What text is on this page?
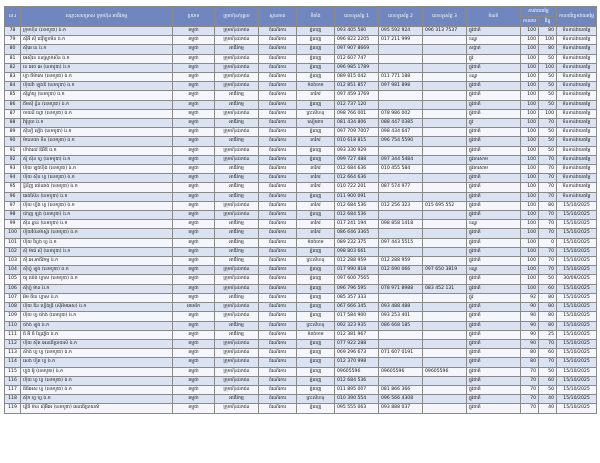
ល.រ	ឈ្មោះសហគ្រាស ក្រុមហ៊ុន អាជីវកម្ម	ប្រភេទ	ក្រុមហ៊ុន/បុគ្គល	ស្ថានភាព	ទីតាំង	លេខទូរស័ព្ទ 1	លេខទូរស័ព្ទ 2	លេខទូរស័ព្ទ 3	ចំណាំ	ការវាយតម្លៃ		កាលបរិច្ឆេទវាយតម្លៃ
										ភាគរយ	ពិន្ទុ	
78	ក្រុមហ៊ុន (ខេមបូឌា) ឯ.ក	គម្ពុជា	ក្រុមហ៊ុនឯកជន	ដំណើរការ	ភ្នំពេញ	093 405 580	095 592 924	096 313 7537	ផ្លូវជាតិ	100	80	មិនទាន់វាយតម្លៃ
79	ស៊ីអ៊ី ស៊ី ដេវ៉ិឡុបមិន ឯ.ក	គម្ពុជា	ក្រុមហ៊ុនឯកជន	ដំណើរការ	ភ្នំពេញ	096 822 2205	017 211 999		ខណ្ឌ	100	100	មិនទាន់វាយតម្លៃ
80	ស៊ីអេ ខេ ឯ.ក	គម្ពុជា	អាជីវកម្ម	ដំណើរការ	ភ្នំពេញ	097 907 8669			សង្កាត់	100	80	មិនទាន់វាយតម្លៃ
81	អេស៊ីខេ ខនស្ត្រាក់សិន ឯ.ក	គម្ពុជា	ក្រុមហ៊ុនឯកជន	ដំណើរការ	ភ្នំពេញ	012 607 747			ផ្លូវ	100	50	មិនទាន់វាយតម្លៃ
82	ខេ អេច អេ (ខេមបូឌា) ឯ.ក	គម្ពុជា	ក្រុមហ៊ុនឯកជន	ដំណើរការ	ភ្នំពេញ	096 985 1789			ផ្លូវជាតិ	100	100	មិនទាន់វាយតម្លៃ
83	ហ្វា ធីម៉ាសេ (ខេមបូឌា) ឯ.ក	គម្ពុជា	ក្រុមហ៊ុនឯកជន	ដំណើរការ	ភ្នំពេញ	089 815 042	011 771 188		ខណ្ឌ	100	50	មិនទាន់វាយតម្លៃ
84	ហ៊ុយវ៉ា ឡុងឌី (ខេមបូឌា) ឯ.ក	គម្ពុជា	ក្រុមហ៊ុនឯកជន	ដំណើរការ	កំពង់ចាម	012 851 857	097 981 898		ផ្លូវជាតិ	100	50	មិនទាន់វាយតម្លៃ
85	ស៊ីឆ្វាំយូ (ខេមបូឌា) ឯ.ក	គម្ពុជា	អាជីវកម្ម	ដំណើរការ	តាកែវ	097 459 3769			ផ្លូវជាតិ	100	50	មិនទាន់វាយតម្លៃ
86	ជីមស៊ី ខ្វឹន (ខេមបូឌា) ឯ.ក	គម្ពុជា	អាជីវកម្ម	ដំណើរការ	ភ្នំពេញ	012 737 120			ផ្លូវជាតិ	100	50	មិនទាន់វាយតម្លៃ
87	ចាយនី ហ្គោ (ខេមបូឌា) ឯ.ក	គម្ពុជា	ក្រុមហ៊ុនឯកជន	ដំណើរការ	ព្រះសីហនុ	098 766 001	078 986 002		ផ្លូវជាតិ	100	100	មិនទាន់វាយតម្លៃ
88	វ៉ារ៉ូបូធា ឯ.ក	គម្ពុជា	អាជីវកម្ម	ដំណើរការ	សៀមរាប	081 434 806	088 447 0385		ផ្លូវ	100	70	មិនទាន់វាយតម្លៃ
89	ស៊ីទៀ ឡើង (ខេមបូឌា) ឯ.ក	គម្ពុជា	ក្រុមហ៊ុនឯកជន	ដំណើរការ	ភ្នំពេញ	097 709 7007	098 434 647		ផ្លូវជាតិ	100	50	មិនទាន់វាយតម្លៃ
90	ម៉ាលេយា ទីន (ខេមបូឌា) ឯ.ក	គម្ពុជា	អាជីវកម្ម	ដំណើរការ	តាកែវ	010 618 815	096 754 5590		ផ្លូវជាតិ	100	50	មិនទាន់វាយតម្លៃ
91	ហ៊ាងដេវ ឌីអ៊ីឌី ឯ.ក	គម្ពុជា	ក្រុមហ៊ុនឯកជន	ដំណើរការ	ភ្នំពេញ	093 330 929			ផ្លូវជាតិ	100	50	មិនទាន់វាយតម្លៃ
92	ស៊ូ ស៊ុន ហ្វ (ខេមបូឌា) ឯ.ក	គម្ពុជា	ក្រុមហ៊ុនឯកជន	ដំណើរការ	ភ្នំពេញ	099 727 488	097 344 5484		ផ្លូវតាសោម	100	70	មិនទាន់វាយតម្លៃ
93	ហ៊ុយ ឡុងហ៊ុង (ខេមបូឌា) ឯ.ក	គម្ពុជា	អាជីវកម្ម	ដំណើរការ	តាកែវ	012 684 636	010 455 584		ផ្លូវតាសោម	100	70	មិនទាន់វាយតម្លៃ
94	ហ៊ុយ ស៊ីន ហ្វ (ខេមបូឌា) ឯ.ក	គម្ពុជា	អាជីវកម្ម	ដំណើរការ	តាកែវ	012 664 636			ផ្លូវជាតិ	100	70	មិនទាន់វាយតម្លៃ
95	ខ្វិនីញ យ៉េនឆង (ខេមបូឌា) ឯ.ក	គម្ពុជា	អាជីវកម្ម	ដំណើរការ	តាកែវ	010 722 201	087 574 977		ផ្លូវជាតិ	100	70	មិនទាន់វាយតម្លៃ
96	ឆេងស៊ែន (ខេមបូឌា) ឯ.ក	គម្ពុជា	អាជីវកម្ម	ដំណើរការ	ភ្នំពេញ	011 900 091			ផ្លូវជាតិ	100	70	មិនទាន់វាយតម្លៃ
97	ហ៊ុយ ហ្វីង ហ្វ (ខេមបូឌា) ឯ.ក	គម្ពុជា	ក្រុមហ៊ុនឯកជន	ដំណើរការ	តាកែវ	012 684 536	012 256 323	015 695 552	ផ្លូវជាតិ	100	80	15/10/2025
98	យ៉ាញ ឡុង (ខេមបូឌា) ឯ.ក	គម្ពុជា	ក្រុមហ៊ុនឯកជន	ដំណើរការ	ភ្នំពេញ	012 684 536			ផ្លូវជាតិ	100	70	15/10/2025
99	ស៊ុន ឆ្វាន់ (ខេមបូឌា) ឯ.ក	គម្ពុជា	អាជីវកម្ម	ដំណើរការ	តាកែវ	017 241 194	098 858 1418		ខណ្ឌ	100	70	15/10/2025
100	ហ៊ួយប៉ែនម៉ាស្ទ័រ (ខេមបូឌា) ឯ.ក	គម្ពុជា	អាជីវកម្ម	ដំណើរការ	តាកែវ	086 646 3365			ផ្លូវជាតិ	100	70	15/10/2025
101	ហ៊ុយ ហ្វែង ហ្វ ឯ.ក	គម្ពុជា	អាជីវកម្ម	ដំណើរការ	កំពង់ចាម	089 232 375	097 443 5515		ផ្លូវជាតិ	100	0	15/10/2025
102	ស៊ុ ម៉ារ៉េ ស៊ី (ខេមបូឌា) ឯ.ក	គម្ពុជា	អាជីវកម្ម	ដំណើរការ	ភ្នំពេញ	098 803 661			ផ្លូវជាតិ	100	70	15/10/2025
103	ស៊ី.អេ.អាជីវកម្ម ឯ.ក	គម្ពុជា	អាជីវកម្ម	ដំណើរការ	ព្រះសីហនុ	012 288 959	012 288 959		ផ្លូវជាតិ	100	70	15/10/2025
104	ស៊ីហ្វុំ ឡុង (ខេមបូឌា) ឯ.ក	គម្ពុជា	ក្រុមហ៊ុនឯកជន	ដំណើរការ	ភ្នំពេញ	017 990 818	012 690 066	097 650 3819	ខណ្ឌ	100	70	15/10/2025
105	យូ ឃ៉េង ហ្គាស (ខេមបូឌា) ឯ.ក	គម្ពុជា	ក្រុមហ៊ុនឯកជន	ដំណើរការ	ភ្នំពេញ	097 600 7565			ផ្លូវជាតិ	100	50	30/09/2025
106	ស៊ីហ្វុំ ម៉ាន ឯ.ក	គម្ពុជា	ក្រុមហ៊ុនឯកជន	ដំណើរការ	ភ្នំពេញ	096 796 595	078 971 8988	083 452 131	ផ្លូវជាតិ	100	60	15/10/2025
107	អិម ធីខេ ហ្គាស ឯ.ក	គម្ពុជា	អាជីវកម្ម	ដំណើរការ	ភ្នំពេញ	085 357 333			ផ្លូវ	92	80	15/10/2025
108	ហ៊ុយ ឌិន ហ្វើងឌ្រី (ស៊ីអឹមអេស) ឯ.ក	អាមេរិក	ក្រុមហ៊ុនឯកជន	ដំណើរការ	ភ្នំពេញ	067 666 345	093 488 488		ផ្លូវជាតិ	90	80	15/10/2025
109	ហ៊ុយ ហ្វ យ៉ាង (ខេមបូឌា) ឯ.ក	គម្ពុជា	ក្រុមហ៊ុនឯកជន	ដំណើរការ	ភ្នំពេញ	017 584 900	093 253 401		ផ្លូវជាតិ	90	80	15/10/2025
110	យ៉ាង ឡុង ឯ.ក	គម្ពុជា	អាជីវកម្ម	ដំណើរការ	ព្រះសីហនុ	092 323 935	086 668 185		ផ្លូវជាតិ	90	80	15/10/2025
111	ធី អ៊ី ធី ខ្សែភ្លើង ឯ.ក	គម្ពុជា	អាជីវកម្ម	ដំណើរការ	កំពង់ចាម	012 381 967			ផ្លូវជាតិ	90	25	15/10/2025
112	ហ៊ុយ ស៊ីត អេនធើប្រាយស៍ ឯ.ក	គម្ពុជា	ក្រុមហ៊ុនឯកជន	ដំណើរការ	ភ្នំពេញ	077 922 288			ផ្លូវជាតិ	90	70	15/10/2025
113	ស៊ាង ហ្វ ហ្វ (ខេមបូឌា) ឯ.ក	គម្ពុជា	ក្រុមហ៊ុនឯកជន	ដំណើរការ	ភ្នំពេញ	069 296 673	071 607 0191		ផ្លូវជាតិ	80	60	15/10/2025
114	សេង ហ៊ួត ហ្វ ឯ.ក	គម្ពុជា	ក្រុមហ៊ុនឯកជន	ដំណើរការ	ភ្នំពេញ	012 370 998			ផ្លូវជាតិ	80	70	15/10/2025
115	ហ្វូង អ៊ូ (ខេមបូឌា) ឯ.ក	គម្ពុជា	ក្រុមហ៊ុនឯកជន	ដំណើរការ	ភ្នំពេញ	09605596	09605596	09605596	ផ្លូវជាតិ	70	50	15/10/2025
116	ហ៊ុយ ហ្វ ហ្វ (ខេមបូឌា) ឯ.ក	គម្ពុជា	ក្រុមហ៊ុនឯកជន	ដំណើរការ	ភ្នំពេញ	012 684 536			ផ្លូវជាតិ	70	60	15/10/2025
117	ធីធីអេស ហ្វ (ខេមបូឌា) ឯ.ក	គម្ពុជា	ក្រុមហ៊ុនឯកជន	ដំណើរការ	ភ្នំពេញ	011 895 007	081 866 366		ផ្លូវជាតិ	70	50	15/10/2025
118	ស៊ុក ហ្វ ហ្វ ឯ.ក	គម្ពុជា	អាជីវកម្ម	ដំណើរការ	ព្រះសីហនុ	010 390 554	096 566 4308		ផ្លូវជាតិ	70	40	15/10/2025
119	ឃ្វីធី ម៉ាន ស៊ីអ៊ីអេ (ខេមបូឌា) អេនធើប្រាយស៍	គម្ពុជា	ក្រុមហ៊ុនឯកជន	ដំណើរការ	ភ្នំពេញ	095 555 063	093 888 037		ផ្លូវជាតិ	70	40	15/10/2025
